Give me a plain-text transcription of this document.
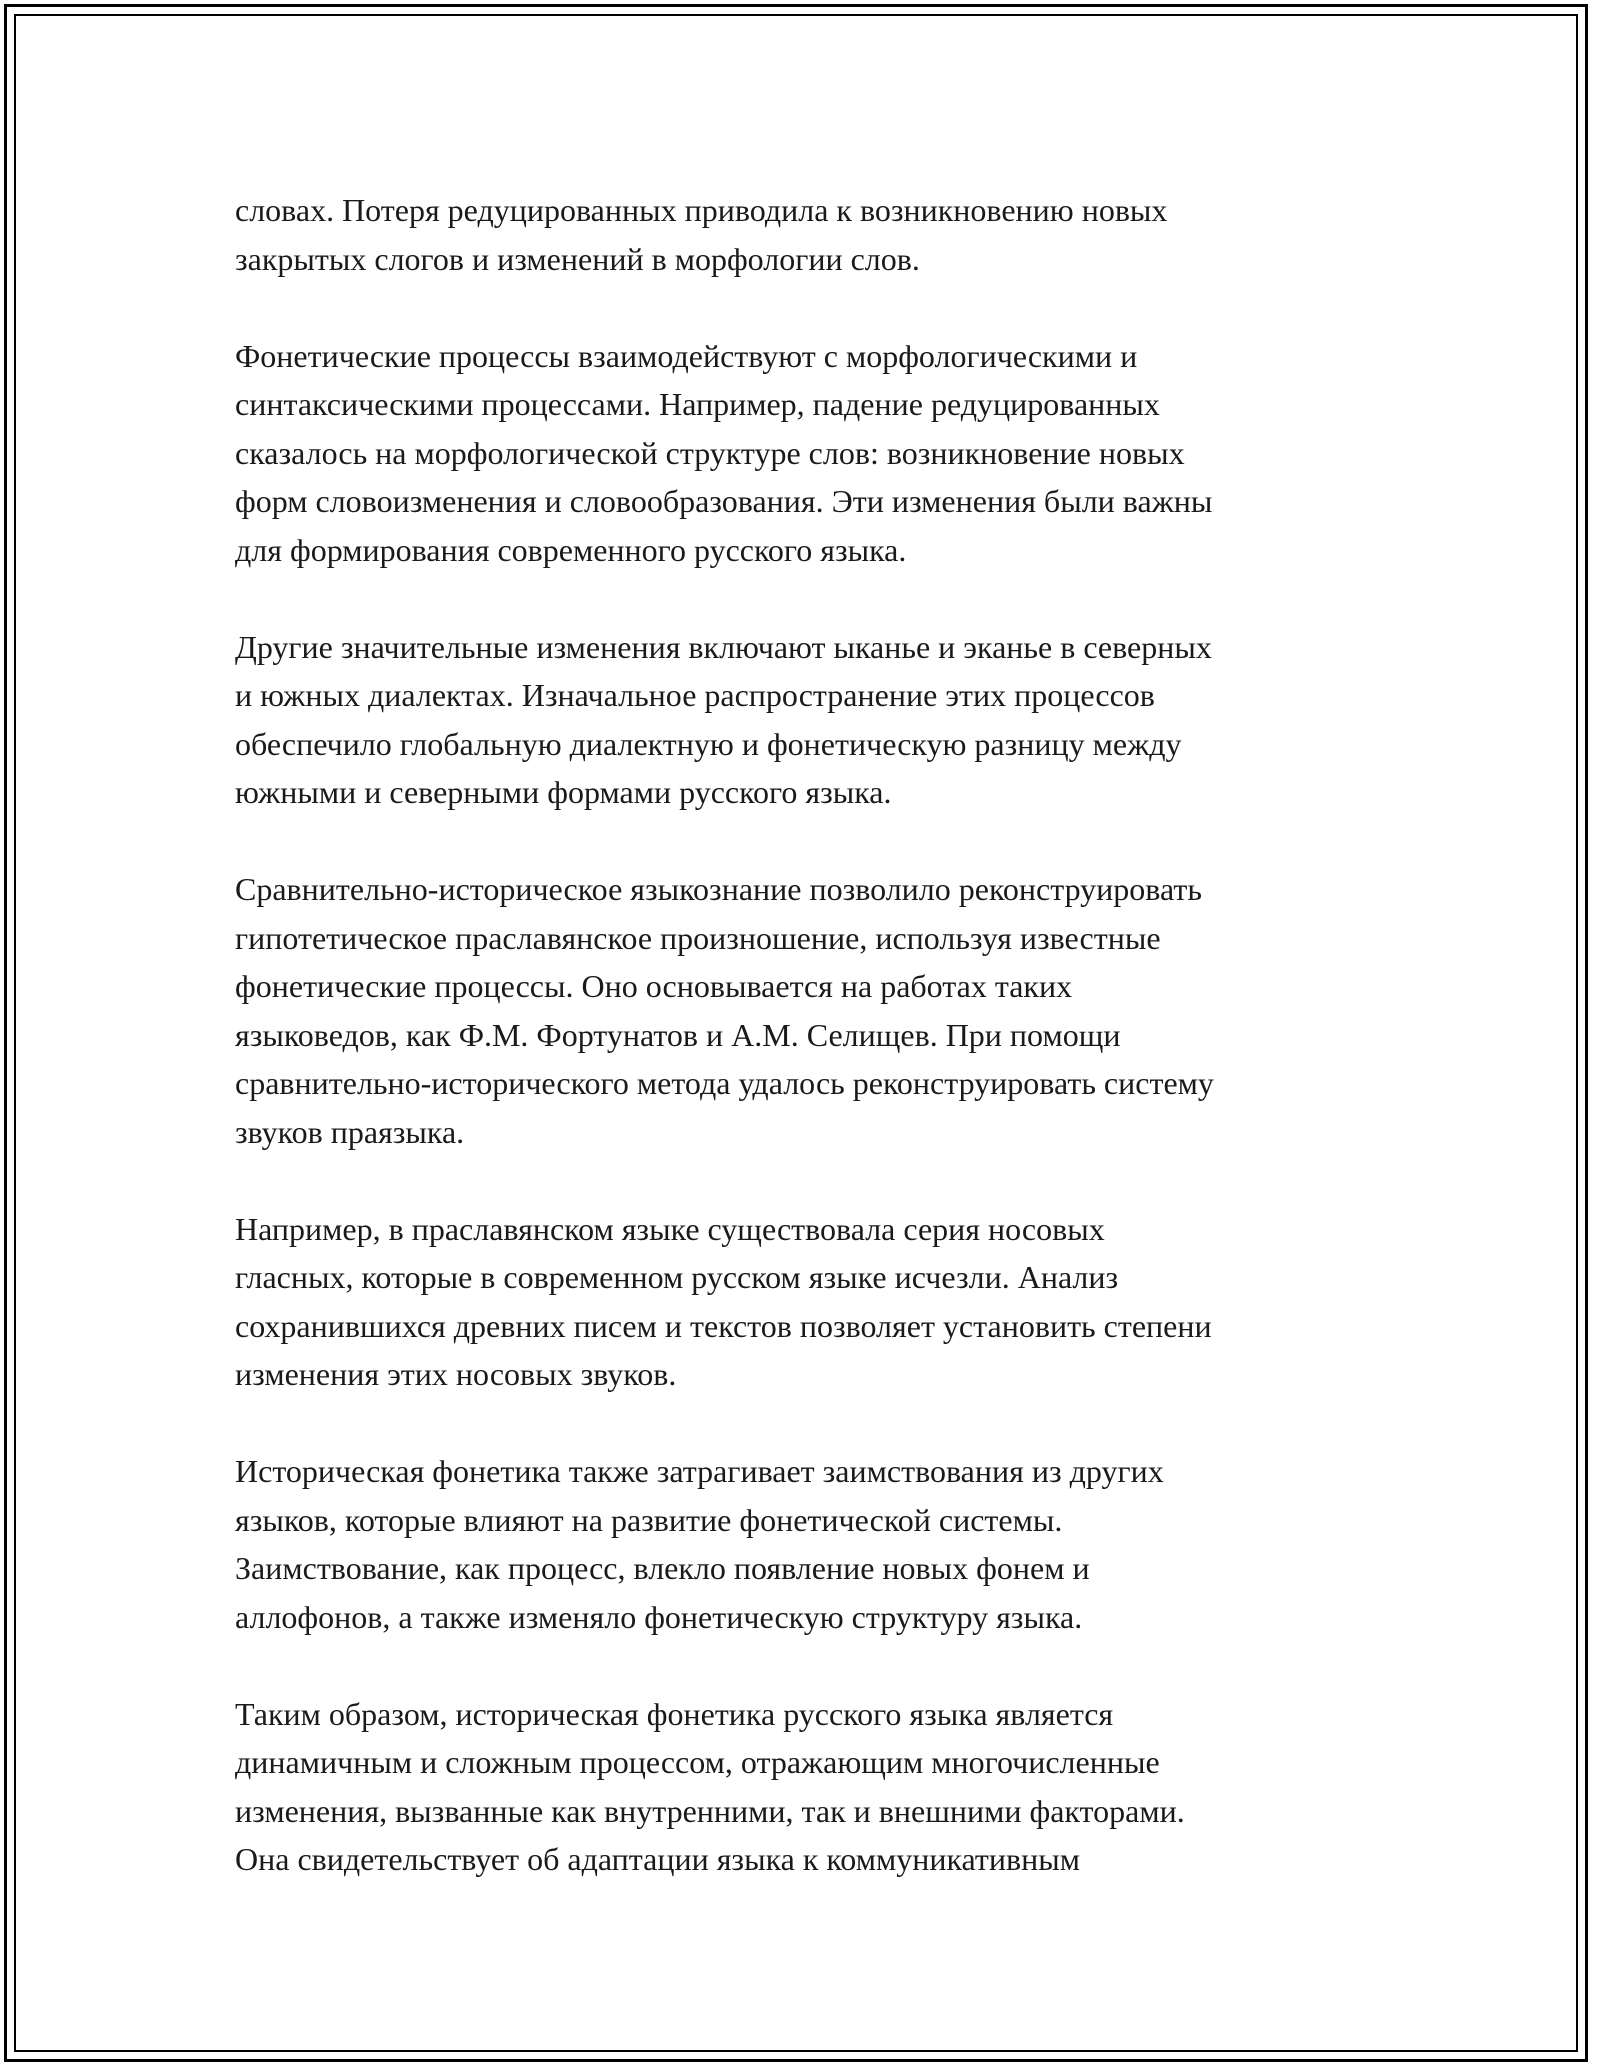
словах. Потеря редуцированных приводила к возникновению новых
закрытых слогов и изменений в морфологии слов.

Фонетические процессы взаимодействуют с морфологическими и
синтаксическими процессами. Например, падение редуцированных
сказалось на морфологической структуре слов: возникновение новых
форм словоизменения и словообразования. Эти изменения были важны
для формирования современного русского языка.

Другие значительные изменения включают ыканье и эканье в северных
и южных диалектах. Изначальное распространение этих процессов
обеспечило глобальную диалектную и фонетическую разницу между
южными и северными формами русского языка.

Сравнительно-историческое языкознание позволило реконструировать
гипотетическое праславянское произношение, используя известные
фонетические процессы. Оно основывается на работах таких
языковедов, как Ф.М. Фортунатов и А.М. Селищев. При помощи
сравнительно-исторического метода удалось реконструировать систему
звуков праязыка.

Например, в праславянском языке существовала серия носовых
гласных, которые в современном русском языке исчезли. Анализ
сохранившихся древних писем и текстов позволяет установить степени
изменения этих носовых звуков.

Историческая фонетика также затрагивает заимствования из других
языков, которые влияют на развитие фонетической системы.
Заимствование, как процесс, влекло появление новых фонем и
аллофонов, а также изменяло фонетическую структуру языка.

Таким образом, историческая фонетика русского языка является
динамичным и сложным процессом, отражающим многочисленные
изменения, вызванные как внутренними, так и внешними факторами.
Она свидетельствует об адаптации языка к коммуникативным
